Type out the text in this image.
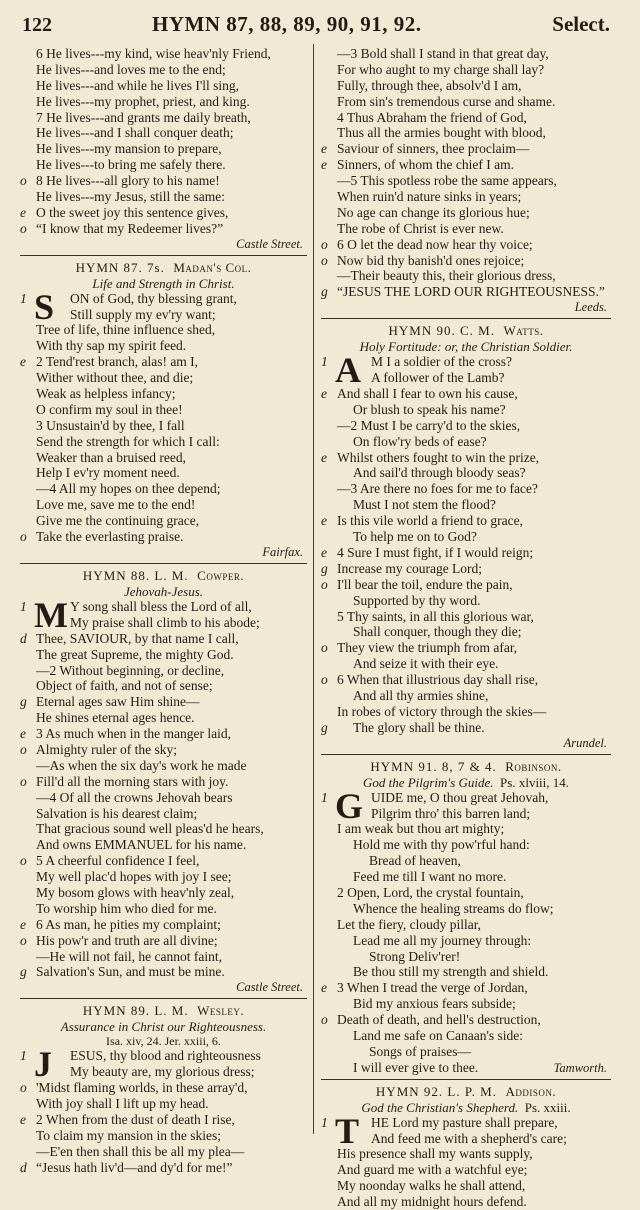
122	HYMN 87, 88, 89, 90, 91, 92.	Select.
6 He lives---my kind, wise heav'nly Friend,
He lives---and loves me to the end;
He lives---and while he lives I'll sing,
He lives---my prophet, priest, and king.
7 He lives---and grants me daily breath,
He lives---and I shall conquer death;
He lives---my mansion to prepare,
He lives---to bring me safely there.
o 8 He lives---all glory to his name!
He lives---my Jesus, still the same:
e O the sweet joy this sentence gives,
o “I know that my Redeemer lives?”
Castle Street.
HYMN 87. 7s. Madan's Col.
Life and Strength in Christ.
1 S ON of God, thy blessing grant,
Still supply my ev'ry want;
Tree of life, thine influence shed,
With thy sap my spirit feed.
e 2 Tend'rest branch, alas! am I,
Wither without thee, and die;
Weak as helpless infancy;
O confirm my soul in thee!
3 Unsustain'd by thee, I fall
Send the strength for which I call:
Weaker than a bruised reed,
Help I ev'ry moment need.
—4 All my hopes on thee depend;
Love me, save me to the end!
Give me the continuing grace,
o Take the everlasting praise.
Fairfax.
HYMN 88. L. M. Cowper.
Jehovah-Jesus.
1 M Y song shall bless the Lord of all,
My praise shall climb to his abode;
d Thee, SAVIOUR, by that name I call,
The great Supreme, the mighty God.
—2 Without beginning, or decline,
Object of faith, and not of sense;
g Eternal ages saw Him shine—
He shines eternal ages hence.
e 3 As much when in the manger laid,
o Almighty ruler of the sky;
—As when the six day's work he made
o Fill'd all the morning stars with joy.
—4 Of all the crowns Jehovah bears
Salvation is his dearest claim;
That gracious sound well pleas'd he hears,
And owns EMMANUEL for his name.
o 5 A cheerful confidence I feel,
My well plac'd hopes with joy I see;
My bosom glows with heav'nly zeal,
To worship him who died for me.
e 6 As man, he pities my complaint;
o His pow'r and truth are all divine;
—He will not fail, he cannot faint,
g Salvation's Sun, and must be mine.
Castle Street.
HYMN 89. L. M. Wesley.
Assurance in Christ our Righteousness.
Isa. xiv, 24. Jer. xxiii, 6.
1 J ESUS, thy blood and righteousness
My beauty are, my glorious dress;
o 'Midst flaming worlds, in these array'd,
With joy shall I lift up my head.
e 2 When from the dust of death I rise,
To claim my mansion in the skies;
—E'en then shall this be all my plea—
d “Jesus hath liv'd—and dy'd for me!”
—3 Bold shall I stand in that great day,
For who aught to my charge shall lay?
Fully, through thee, absolv'd I am,
From sin's tremendous curse and shame.
4 Thus Abraham the friend of God,
Thus all the armies bought with blood,
e Saviour of sinners, thee proclaim—
e Sinners, of whom the chief I am.
—5 This spotless robe the same appears,
When ruin'd nature sinks in years;
No age can change its glorious hue;
The robe of Christ is ever new.
o 6 O let the dead now hear thy voice;
o Now bid thy banish'd ones rejoice;
—Their beauty this, their glorious dress,
g “JESUS THE LORD OUR RIGHTEOUSNESS.”
Leeds.
HYMN 90. C. M. Watts.
Holy Fortitude: or, the Christian Soldier.
1 A M I a soldier of the cross?
A follower of the Lamb?
e And shall I fear to own his cause,
Or blush to speak his name?
—2 Must I be carry'd to the skies,
On flow'ry beds of ease?
e Whilst others fought to win the prize,
And sail'd through bloody seas?
—3 Are there no foes for me to face?
Must I not stem the flood?
e Is this vile world a friend to grace,
To help me on to God?
e 4 Sure I must fight, if I would reign;
g Increase my courage Lord;
o I'll bear the toil, endure the pain,
Supported by thy word.
5 Thy saints, in all this glorious war,
Shall conquer, though they die;
o They view the triumph from afar,
And seize it with their eye.
o 6 When that illustrious day shall rise,
And all thy armies shine,
In robes of victory through the skies—
g	The glory shall be thine.
Arundel.
HYMN 91. 8, 7 & 4. Robinson.
God the Pilgrim's Guide. Ps. xlviii, 14.
1 G UIDE me, O thou great Jehovah,
Pilgrim thro' this barren land;
I am weak but thou art mighty;
Hold me with thy pow'rful hand:
Bread of heaven,
Feed me till I want no more.
2 Open, Lord, the crystal fountain,
Whence the healing streams do flow;
Let the fiery, cloudy pillar,
Lead me all my journey through:
Strong Deliv'rer!
Be thou still my strength and shield.
e 3 When I tread the verge of Jordan,
Bid my anxious fears subside;
o Death of death, and hell's destruction,
Land me safe on Canaan's side:
Songs of praises—
I will ever give to thee.	Tamworth.
HYMN 92. L. P. M. Addison.
God the Christian's Shepherd. Ps. xxiii.
1 T HE Lord my pasture shall prepare,
And feed me with a shepherd's care;
His presence shall my wants supply,
And guard me with a watchful eye;
My noonday walks he shall attend,
And all my midnight hours defend.
